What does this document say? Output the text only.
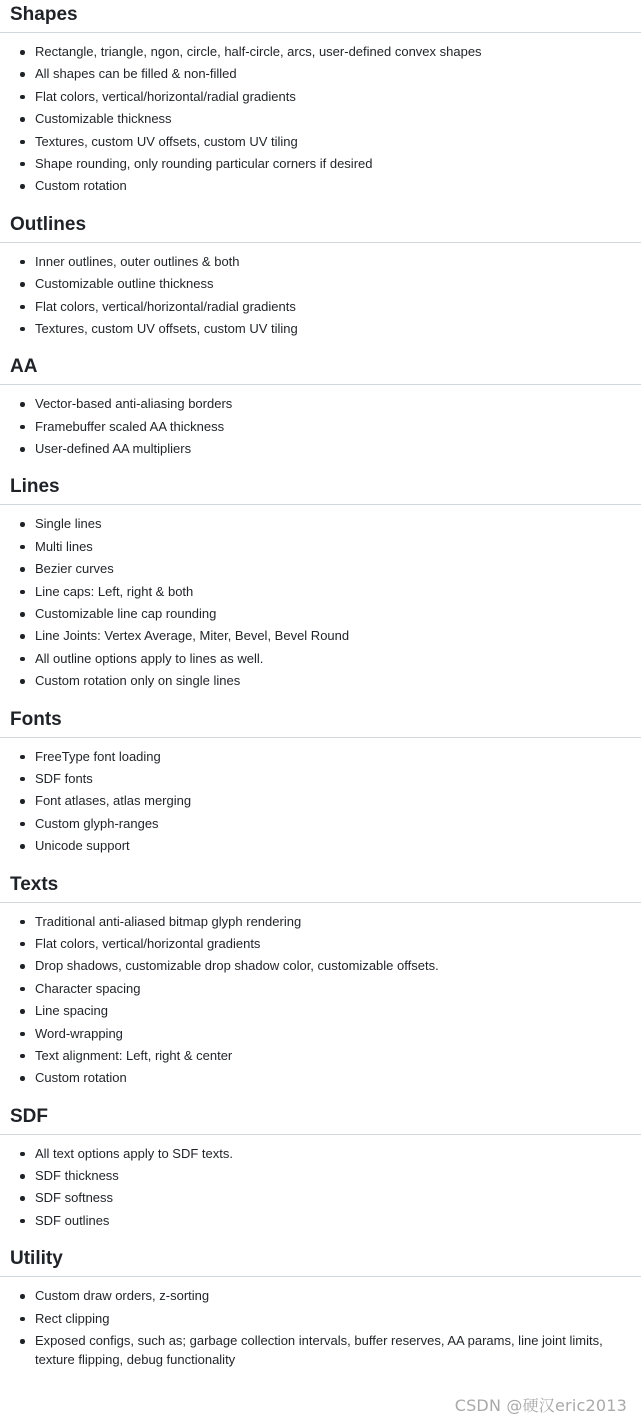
Shapes
Rectangle, triangle, ngon, circle, half-circle, arcs, user-defined convex shapes
All shapes can be filled & non-filled
Flat colors, vertical/horizontal/radial gradients
Customizable thickness
Textures, custom UV offsets, custom UV tiling
Shape rounding, only rounding particular corners if desired
Custom rotation
Outlines
Inner outlines, outer outlines & both
Customizable outline thickness
Flat colors, vertical/horizontal/radial gradients
Textures, custom UV offsets, custom UV tiling
AA
Vector-based anti-aliasing borders
Framebuffer scaled AA thickness
User-defined AA multipliers
Lines
Single lines
Multi lines
Bezier curves
Line caps: Left, right & both
Customizable line cap rounding
Line Joints: Vertex Average, Miter, Bevel, Bevel Round
All outline options apply to lines as well.
Custom rotation only on single lines
Fonts
FreeType font loading
SDF fonts
Font atlases, atlas merging
Custom glyph-ranges
Unicode support
Texts
Traditional anti-aliased bitmap glyph rendering
Flat colors, vertical/horizontal gradients
Drop shadows, customizable drop shadow color, customizable offsets.
Character spacing
Line spacing
Word-wrapping
Text alignment: Left, right & center
Custom rotation
SDF
All text options apply to SDF texts.
SDF thickness
SDF softness
SDF outlines
Utility
Custom draw orders, z-sorting
Rect clipping
Exposed configs, such as; garbage collection intervals, buffer reserves, AA params, line joint limits, texture flipping, debug functionality
CSDN @硬汉eric2013
